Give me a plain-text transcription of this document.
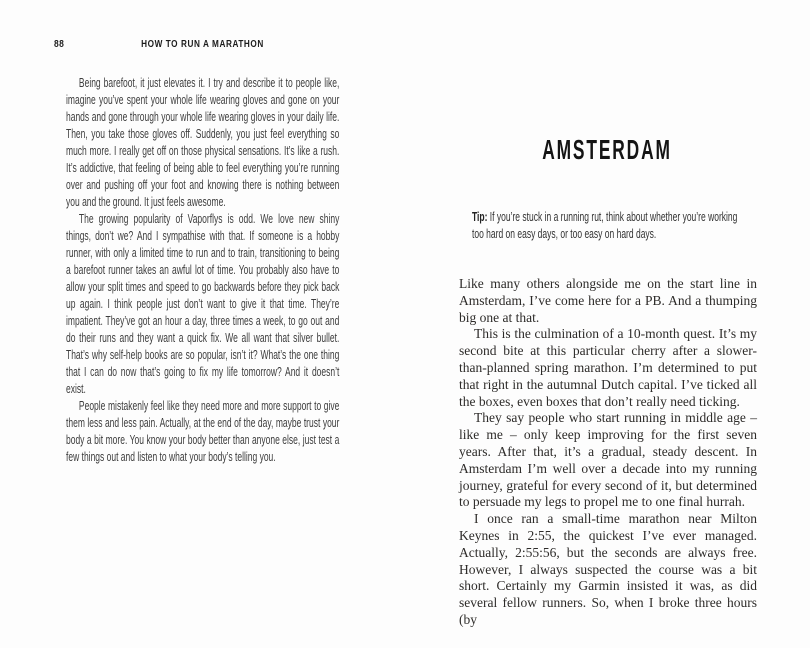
88	HOW TO RUN A MARATHON

Being barefoot, it just elevates it. I try and describe it to people like, imagine you’ve spent your whole life wearing gloves and gone on your hands and gone through your whole life wearing gloves in your daily life. Then, you take those gloves off. Suddenly, you just feel everything so much more. I really get off on those physical sensations. It’s like a rush. It’s addictive, that feeling of being able to feel everything you’re running over and pushing off your foot and knowing there is nothing between you and the ground. It just feels awesome.

The growing popularity of Vaporflys is odd. We love new shiny things, don’t we? And I sympathise with that. If someone is a hobby runner, with only a limited time to run and to train, transitioning to being a barefoot runner takes an awful lot of time. You probably also have to allow your split times and speed to go backwards before they pick back up again. I think people just don’t want to give it that time. They’re impatient. They’ve got an hour a day, three times a week, to go out and do their runs and they want a quick fix. We all want that silver bullet. That’s why self-help books are so popular, isn’t it? What’s the one thing that I can do now that’s going to fix my life tomorrow? And it doesn’t exist.

People mistakenly feel like they need more and more support to give them less and less pain. Actually, at the end of the day, maybe trust your body a bit more. You know your body better than anyone else, just test a few things out and listen to what your body’s telling you.

AMSTERDAM
Tip: If you’re stuck in a running rut, think about whether you’re working too hard on easy days, or too easy on hard days.

Like many others alongside me on the start line in Amsterdam, I’ve come here for a PB. And a thumping big one at that.

This is the culmination of a 10-month quest. It’s my second bite at this particular cherry after a slower-than-planned spring marathon. I’m determined to put that right in the autumnal Dutch capital. I’ve ticked all the boxes, even boxes that don’t really need ticking.

They say people who start running in middle age – like me – only keep improving for the first seven years. After that, it’s a gradual, steady descent. In Amsterdam I’m well over a decade into my running journey, grateful for every second of it, but determined to persuade my legs to propel me to one final hurrah.

I once ran a small-time marathon near Milton Keynes in 2:55, the quickest I’ve ever managed. Actually, 2:55:56, but the seconds are always free. However, I always suspected the course was a bit short. Certainly my Garmin insisted it was, as did several fellow runners. So, when I broke three hours (by
